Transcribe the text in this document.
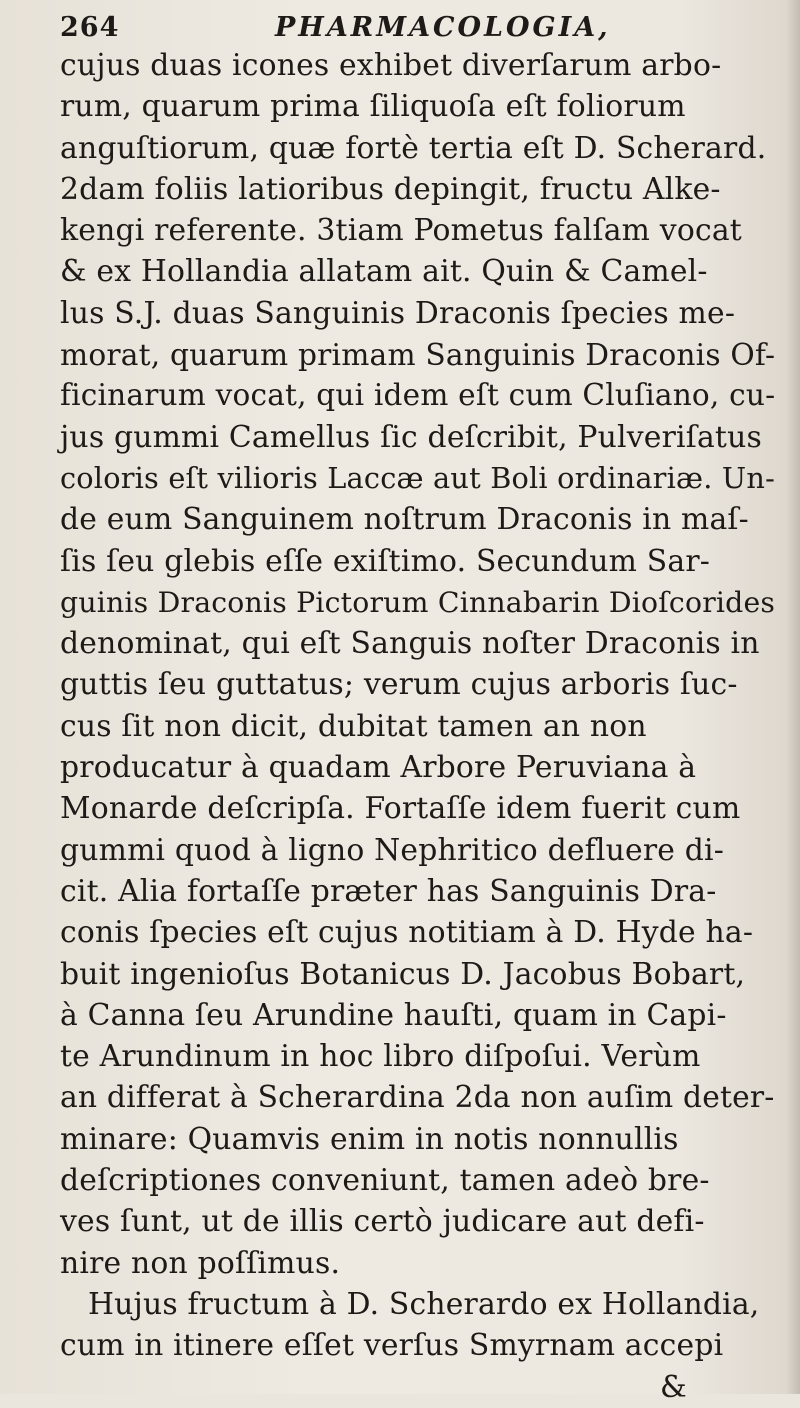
264	PHARMACOLOGIA,
cujus duas icones exhibet diverſarum arbo-
rum, quarum prima ſiliquoſa eſt foliorum
anguſtiorum, quæ fortè tertia eſt D. Scherard.
2dam foliis latioribus depingit, fructu Alke-
kengi referente. 3tiam Pometus falſam vocat
& ex Hollandia allatam ait. Quin & Camel-
lus S.J. duas Sanguinis Draconis ſpecies me-
morat, quarum primam Sanguinis Draconis Of-
ficinarum vocat, qui idem eſt cum Cluſiano, cu-
jus gummi Camellus ſic deſcribit, Pulveriſatus
coloris eſt vilioris Laccæ aut Boli ordinariæ. Un-
de eum Sanguinem noſtrum Draconis in maſ-
ſis ſeu glebis eſſe exiſtimo. Secundum Sar-
guinis Draconis Pictorum Cinnabarin Dioſcorides
denominat, qui eſt Sanguis noſter Draconis in
guttis ſeu guttatus; verum cujus arboris ſuc-
cus ſit non dicit, dubitat tamen an non
producatur à quadam Arbore Peruviana à
Monarde deſcripſa. Fortaſſe idem fuerit cum
gummi quod à ligno Nephritico defluere di-
cit. Alia fortaſſe præter has Sanguinis Dra-
conis ſpecies eſt cujus notitiam à D. Hyde ha-
buit ingenioſus Botanicus D. Jacobus Bobart,
à Canna ſeu Arundine hauſti, quam in Capi-
te Arundinum in hoc libro diſpoſui. Verùm
an differat à Scherardina 2da non auſim deter-
minare: Quamvis enim in notis nonnullis
deſcriptiones conveniunt, tamen adeò bre-
ves ſunt, ut de illis certò judicare aut defi-
nire non poſſimus.
Hujus fructum à D. Scherardo ex Hollandia,
cum in itinere eſſet verſus Smyrnam accepi
&
